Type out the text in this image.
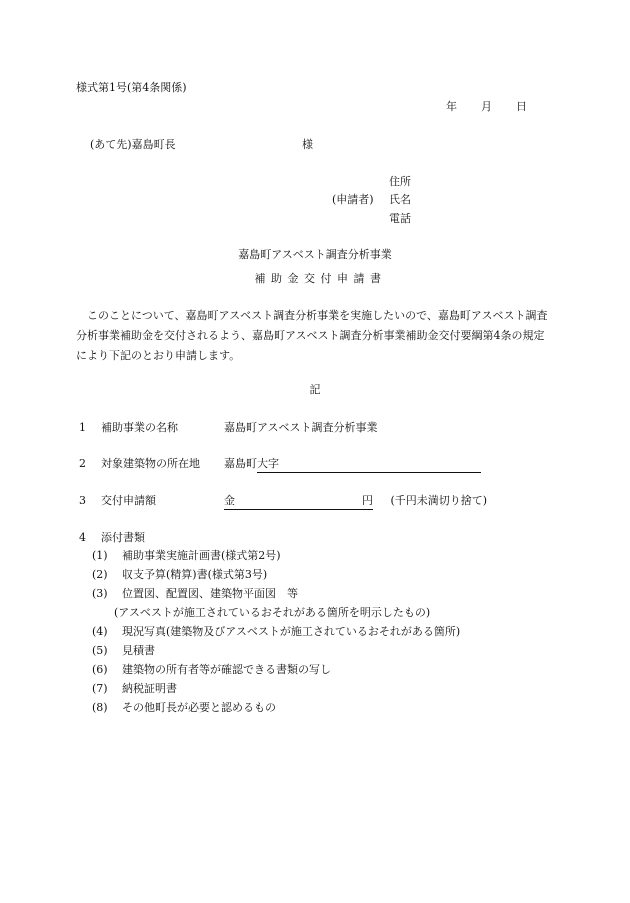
様式第1号(第4条関係)
年 月 日
(あて先)嘉島町長	様
住所
(申請者) 氏名
電話
嘉島町アスベスト調査分析事業
補助金交付申請書
このことについて、嘉島町アスベスト調査分析事業を実施したいので、嘉島町アスベスト調査分析事業補助金を交付されるよう、嘉島町アスベスト調査分析事業補助金交付要綱第4条の規定により下記のとおり申請します。
記
1 補助事業の名称	嘉島町アスベスト調査分析事業
2 対象建築物の所在地 嘉島町大字
3 交付申請額	金	円 (千円未満切り捨て)
4 添付書類
(1) 補助事業実施計画書(様式第2号)
(2) 収支予算(精算)書(様式第3号)
(3) 位置図、配置図、建築物平面図　等
(アスベストが施工されているおそれがある箇所を明示したもの)
(4) 現況写真(建築物及びアスベストが施工されているおそれがある箇所)
(5) 見積書
(6) 建築物の所有者等が確認できる書類の写し
(7) 納税証明書
(8) その他町長が必要と認めるもの
